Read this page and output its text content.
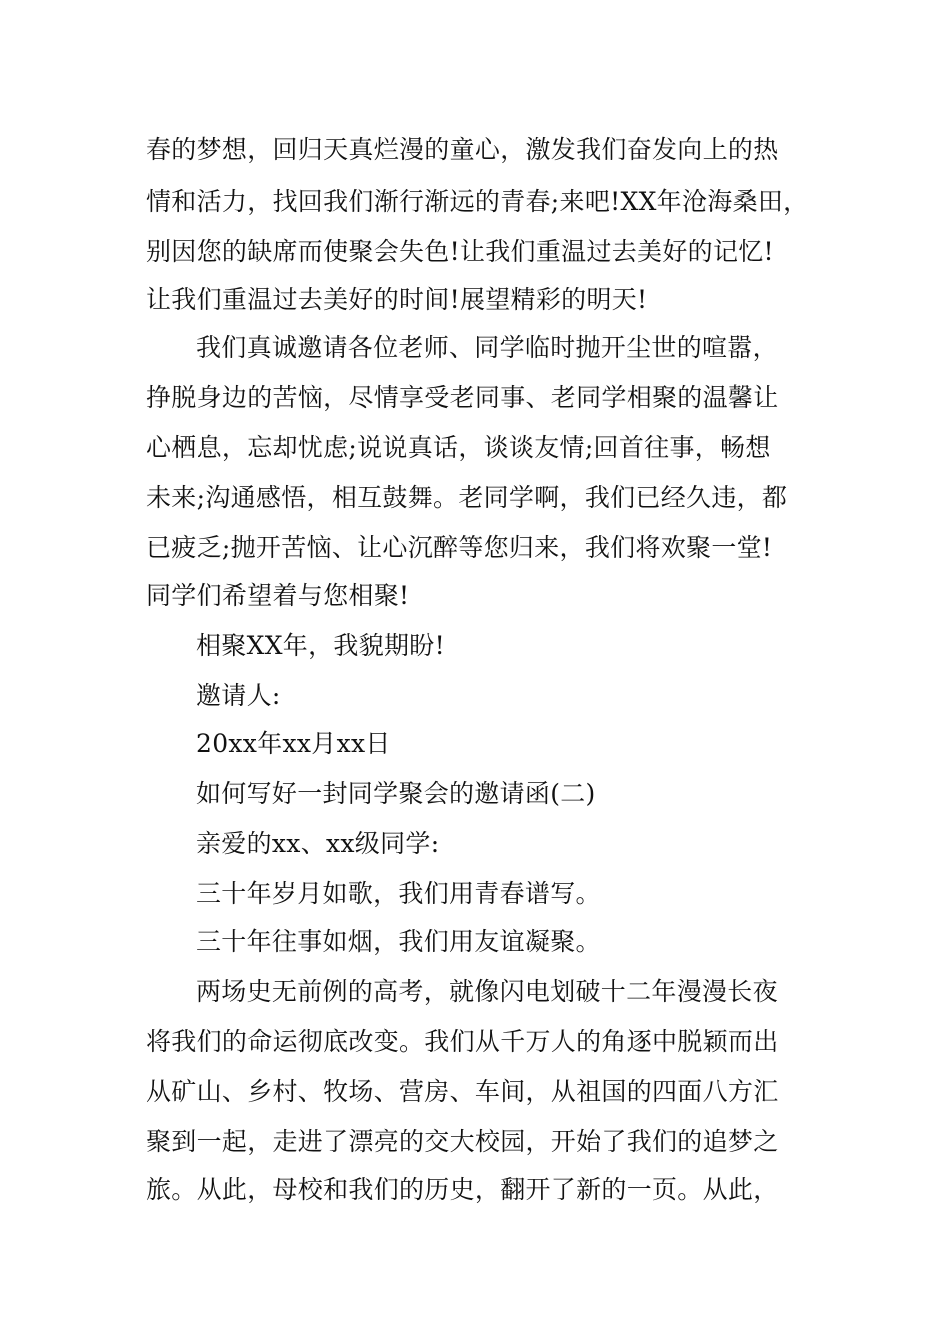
春的梦想，回归天真烂漫的童心，激发我们奋发向上的热
情和活力，找回我们渐行渐远的青春;来吧!XX年沧海桑田，
别因您的缺席而使聚会失色!让我们重温过去美好的记忆!
让我们重温过去美好的时间!展望精彩的明天!
我们真诚邀请各位老师、同学临时抛开尘世的喧嚣，
挣脱身边的苦恼，尽情享受老同事、老同学相聚的温馨让
心栖息，忘却忧虑;说说真话，谈谈友情;回首往事，畅想
未来;沟通感悟，相互鼓舞。老同学啊，我们已经久违，都
已疲乏;抛开苦恼、让心沉醉等您归来，我们将欢聚一堂!
同学们希望着与您相聚!
相聚XX年，我貌期盼!
邀请人:
20xx年xx月xx日
如何写好一封同学聚会的邀请函(二)
亲爱的xx、xx级同学:
三十年岁月如歌，我们用青春谱写。
三十年往事如烟，我们用友谊凝聚。
两场史无前例的高考，就像闪电划破十二年漫漫长夜
将我们的命运彻底改变。我们从千万人的角逐中脱颖而出
从矿山、乡村、牧场、营房、车间，从祖国的四面八方汇
聚到一起，走进了漂亮的交大校园，开始了我们的追梦之
旅。从此，母校和我们的历史，翻开了新的一页。从此，
